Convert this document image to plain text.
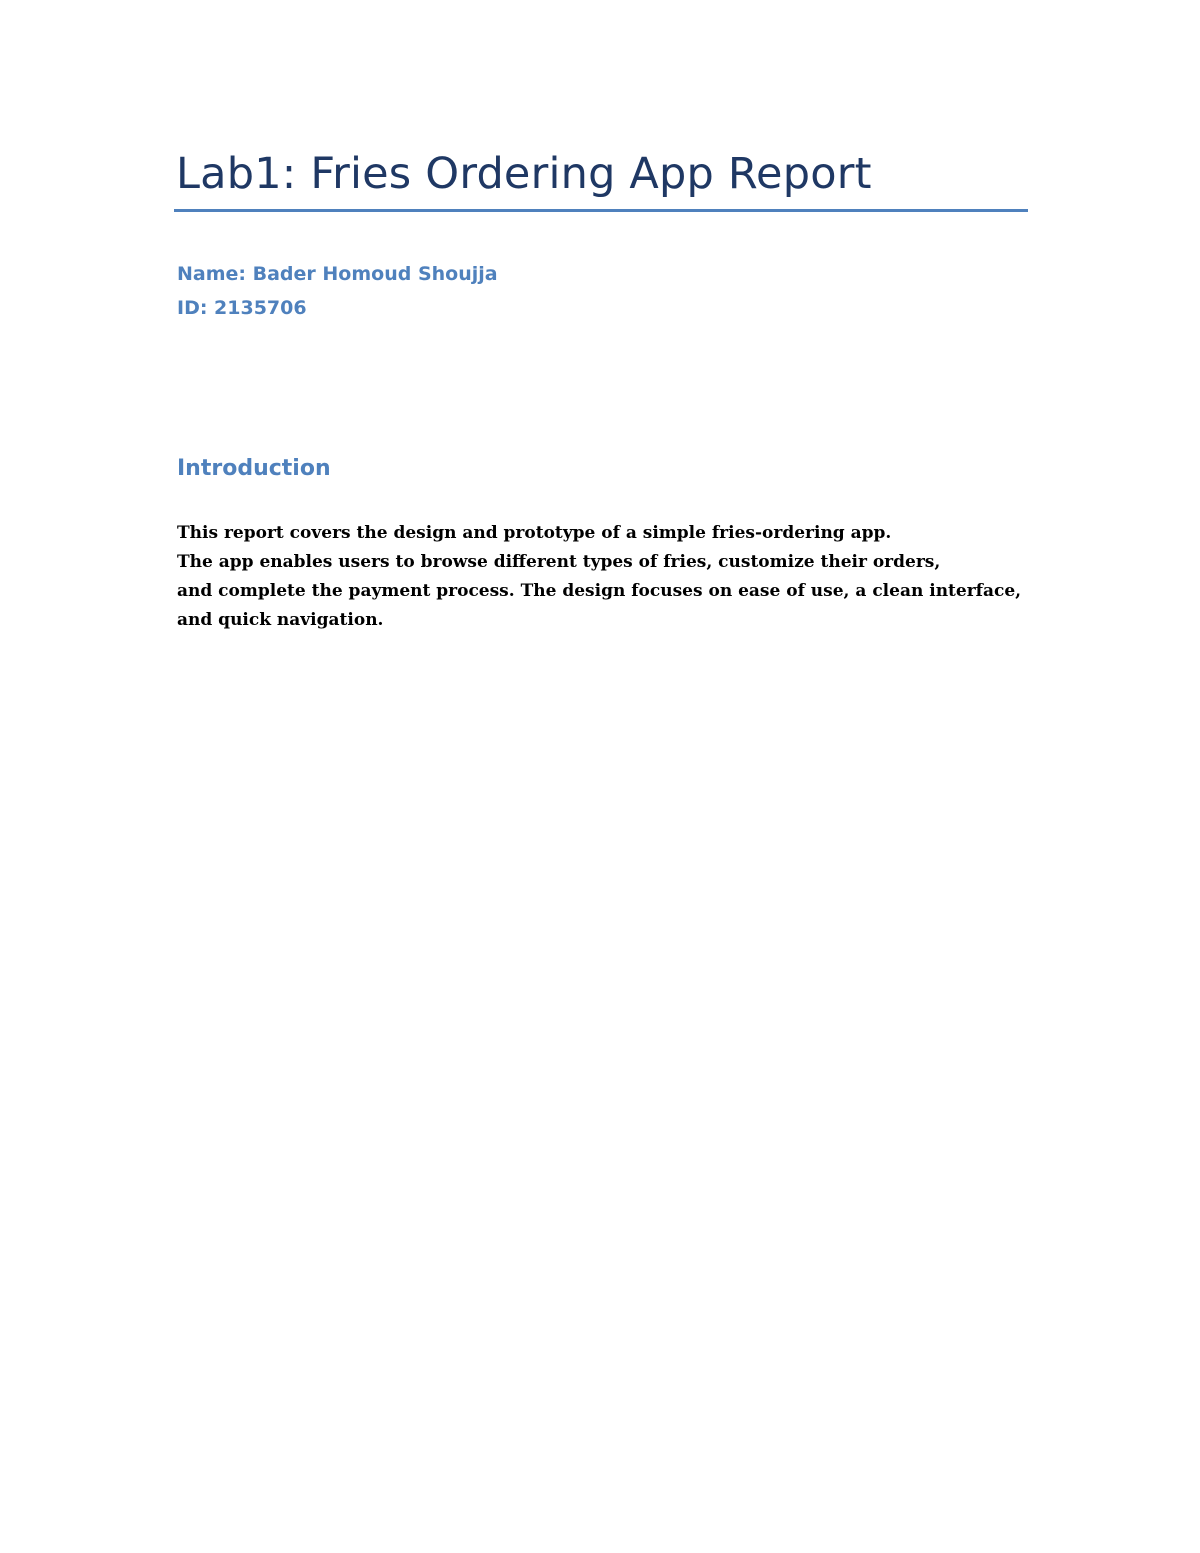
Lab1: Fries Ordering App Report

Name: Bader Homoud Shoujja

ID: 2135706

Introduction

This report covers the design and prototype of a simple fries-ordering app.
The app enables users to browse different types of fries, customize their orders,
and complete the payment process. The design focuses on ease of use, a clean interface,
and quick navigation.
